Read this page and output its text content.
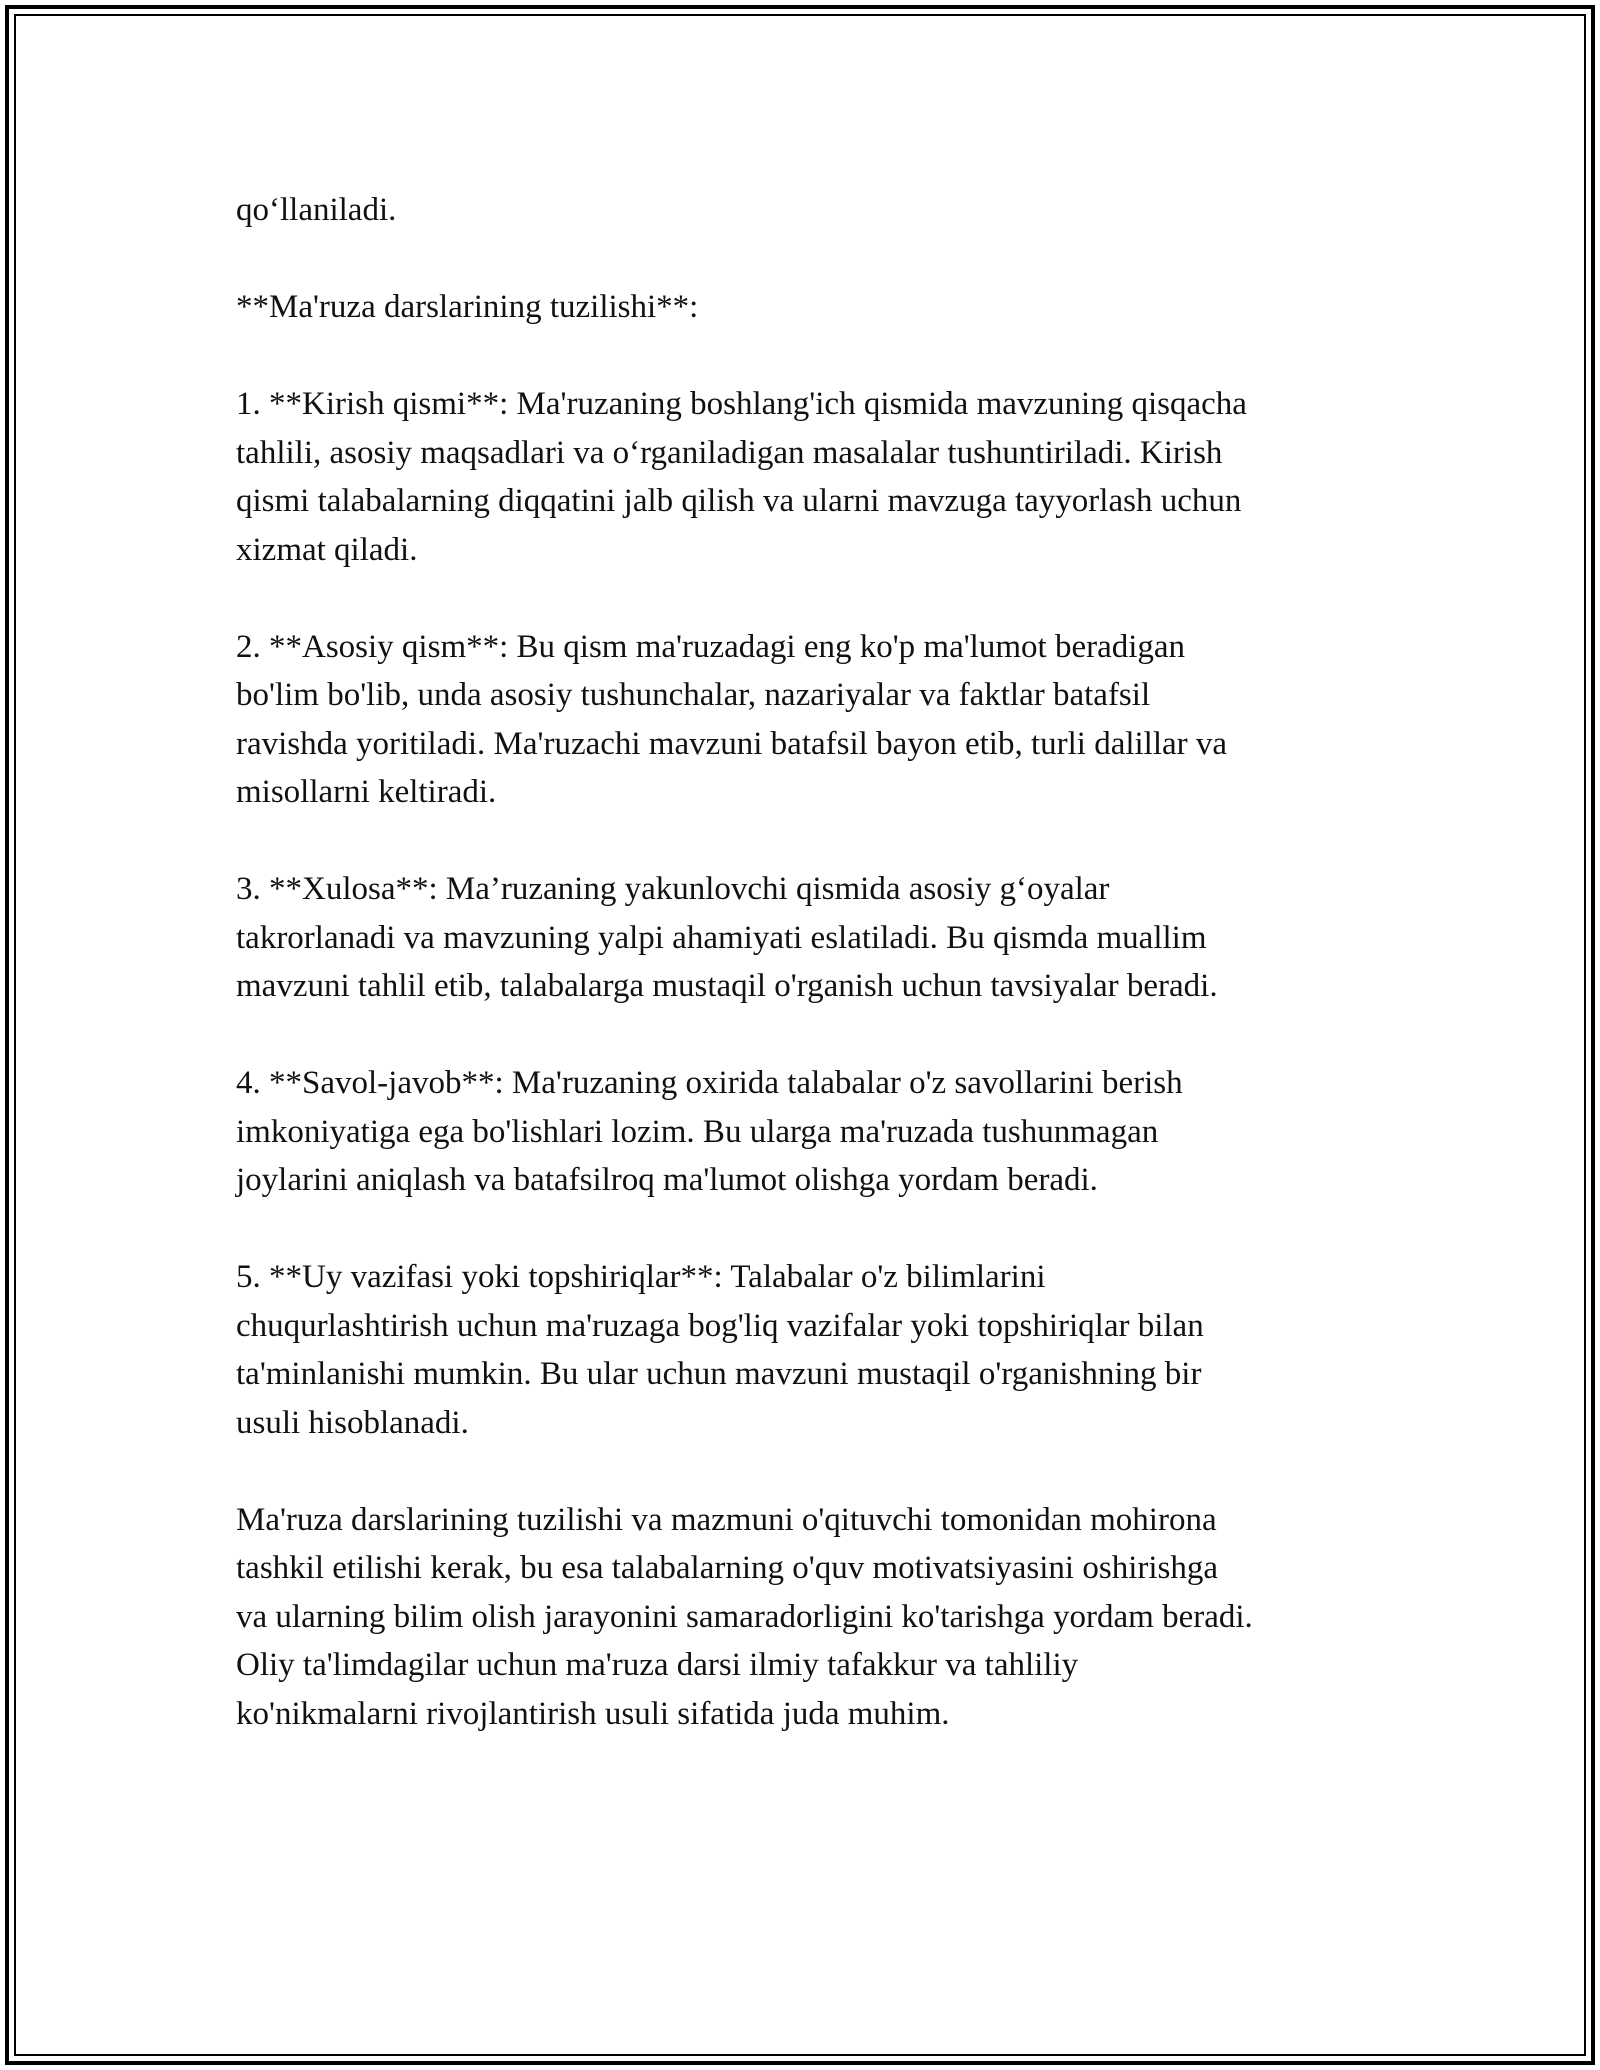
qo‘llaniladi.

**Ma'ruza darslarining tuzilishi**:

1. **Kirish qismi**: Ma'ruzaning boshlang'ich qismida mavzuning qisqacha
tahlili, asosiy maqsadlari va o‘rganiladigan masalalar tushuntiriladi. Kirish
qismi talabalarning diqqatini jalb qilish va ularni mavzuga tayyorlash uchun
xizmat qiladi.

2. **Asosiy qism**: Bu qism ma'ruzadagi eng ko'p ma'lumot beradigan
bo'lim bo'lib, unda asosiy tushunchalar, nazariyalar va faktlar batafsil
ravishda yoritiladi. Ma'ruzachi mavzuni batafsil bayon etib, turli dalillar va
misollarni keltiradi.

3. **Xulosa**: Ma’ruzaning yakunlovchi qismida asosiy g‘oyalar
takrorlanadi va mavzuning yalpi ahamiyati eslatiladi. Bu qismda muallim
mavzuni tahlil etib, talabalarga mustaqil o'rganish uchun tavsiyalar beradi.

4. **Savol-javob**: Ma'ruzaning oxirida talabalar o'z savollarini berish
imkoniyatiga ega bo'lishlari lozim. Bu ularga ma'ruzada tushunmagan
joylarini aniqlash va batafsilroq ma'lumot olishga yordam beradi.

5. **Uy vazifasi yoki topshiriqlar**: Talabalar o'z bilimlarini
chuqurlashtirish uchun ma'ruzaga bog'liq vazifalar yoki topshiriqlar bilan
ta'minlanishi mumkin. Bu ular uchun mavzuni mustaqil o'rganishning bir
usuli hisoblanadi.

Ma'ruza darslarining tuzilishi va mazmuni o'qituvchi tomonidan mohirona
tashkil etilishi kerak, bu esa talabalarning o'quv motivatsiyasini oshirishga
va ularning bilim olish jarayonini samaradorligini ko'tarishga yordam beradi.
Oliy ta'limdagilar uchun ma'ruza darsi ilmiy tafakkur va tahliliy
ko'nikmalarni rivojlantirish usuli sifatida juda muhim.
